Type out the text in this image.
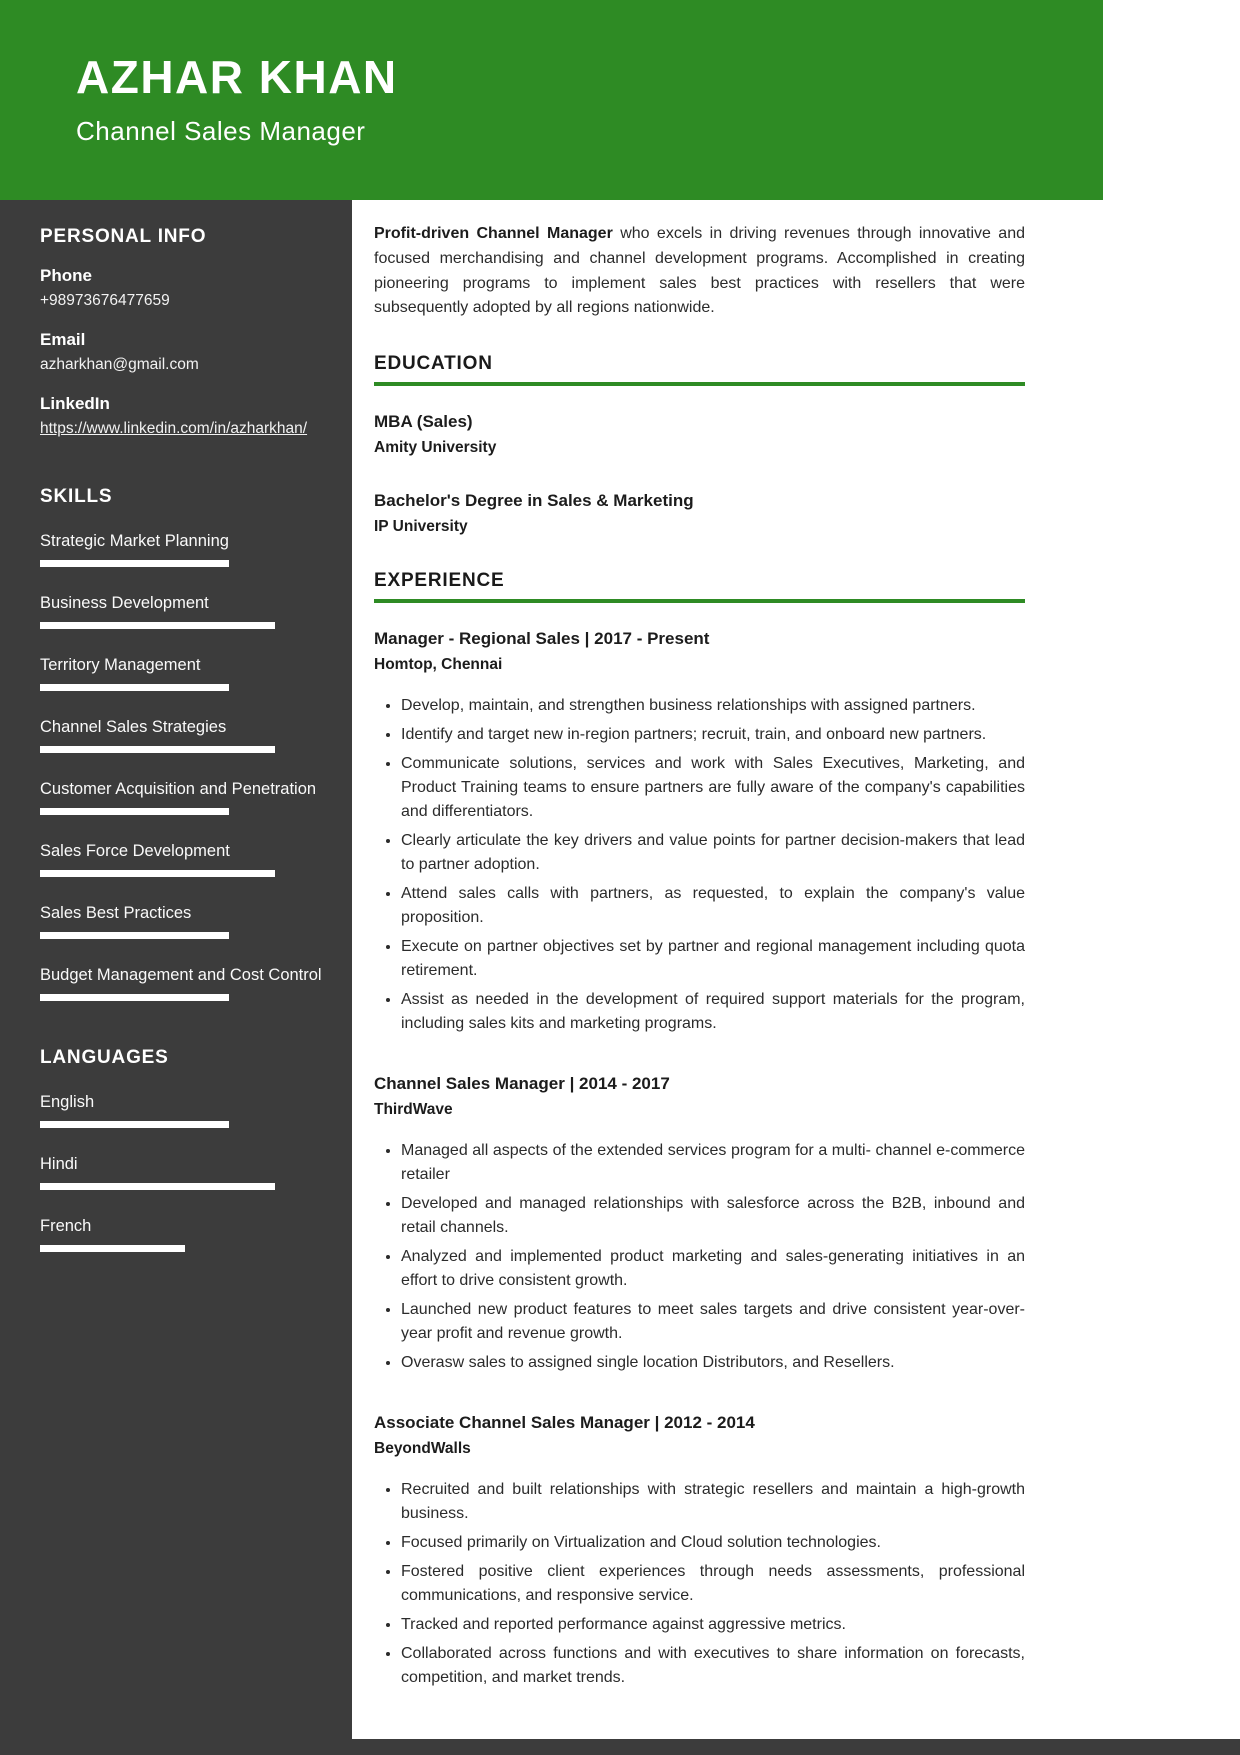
AZHAR KHAN
Channel Sales Manager
PERSONAL INFO
Phone
+98973676477659
Email
azharkhan@gmail.com
LinkedIn
https://www.linkedin.com/in/azharkhan/
SKILLS
Strategic Market Planning
Business Development
Territory Management
Channel Sales Strategies
Customer Acquisition and Penetration
Sales Force Development
Sales Best Practices
Budget Management and Cost Control
LANGUAGES
English
Hindi
French

Profit-driven Channel Manager who excels in driving revenues through innovative and focused merchandising and channel development programs. Accomplished in creating pioneering programs to implement sales best practices with resellers that were subsequently adopted by all regions nationwide.

EDUCATION
MBA (Sales)
Amity University
Bachelor's Degree in Sales & Marketing
IP University
EXPERIENCE
Manager - Regional Sales | 2017 - Present
Homtop, Chennai
• Develop, maintain, and strengthen business relationships with assigned partners.
• Identify and target new in-region partners; recruit, train, and onboard new partners.
• Communicate solutions, services and work with Sales Executives, Marketing, and Product Training teams to ensure partners are fully aware of the company's capabilities and differentiators.
• Clearly articulate the key drivers and value points for partner decision-makers that lead to partner adoption.
• Attend sales calls with partners, as requested, to explain the company's value proposition.
• Execute on partner objectives set by partner and regional management including quota retirement.
• Assist as needed in the development of required support materials for the program, including sales kits and marketing programs.
Channel Sales Manager | 2014 - 2017
ThirdWave
• Managed all aspects of the extended services program for a multi- channel e-commerce retailer
• Developed and managed relationships with salesforce across the B2B, inbound and retail channels.
• Analyzed and implemented product marketing and sales-generating initiatives in an effort to drive consistent growth.
• Launched new product features to meet sales targets and drive consistent year-over-year profit and revenue growth.
• Overasw sales to assigned single location Distributors, and Resellers.
Associate Channel Sales Manager | 2012 - 2014
BeyondWalls
• Recruited and built relationships with strategic resellers and maintain a high-growth business.
• Focused primarily on Virtualization and Cloud solution technologies.
• Fostered positive client experiences through needs assessments, professional communications, and responsive service.
• Tracked and reported performance against aggressive metrics.
• Collaborated across functions and with executives to share information on forecasts, competition, and market trends.
